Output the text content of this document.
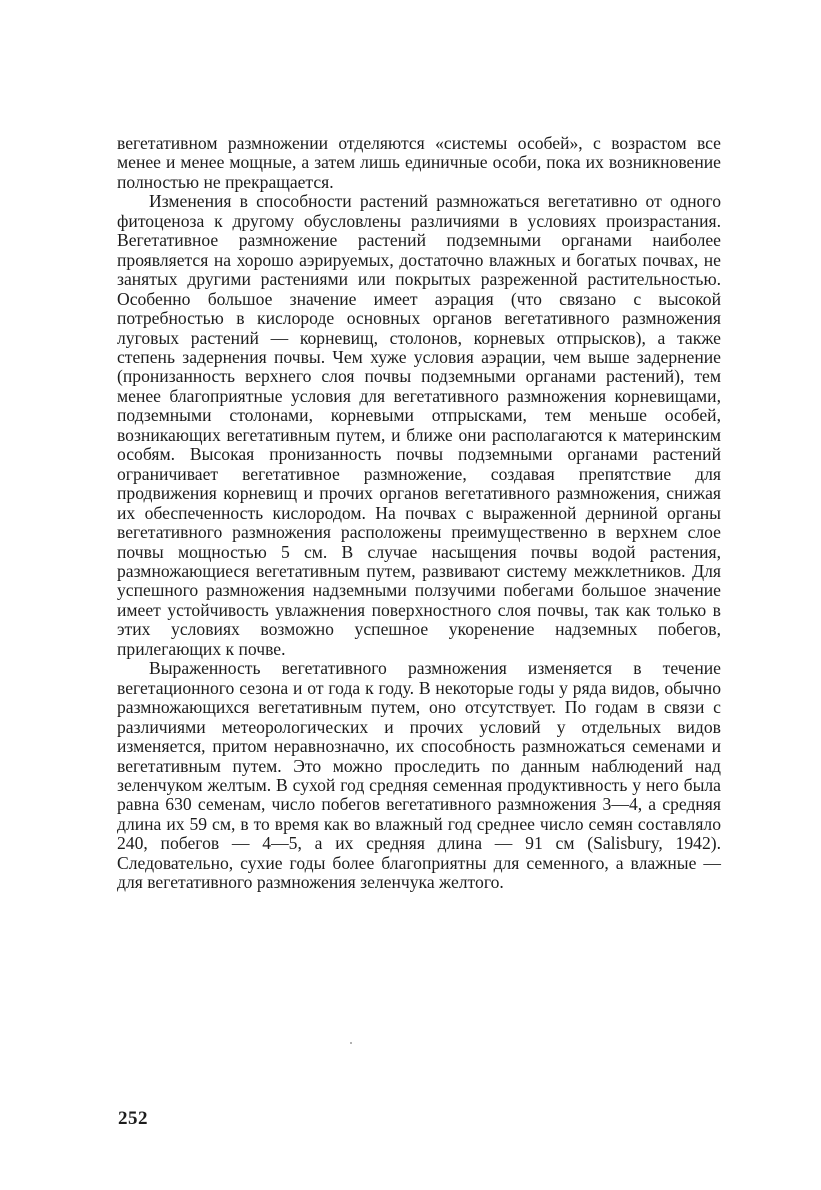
вегетативном размножении отделяются «системы особей», с возрастом все менее и менее мощные, а затем лишь единичные особи, пока их возникновение полностью не прекращается.

Изменения в способности растений размножаться вегетативно от одного фитоценоза к другому обусловлены различиями в условиях произрастания. Вегетативное размножение растений подземными органами наиболее проявляется на хорошо аэрируемых, достаточно влажных и богатых почвах, не занятых другими растениями или покрытых разреженной растительностью. Особенно большое значение имеет аэрация (что связано с высокой потребностью в кислороде основных органов вегетативного размножения луговых растений — корневищ, столонов, корневых отпрысков), а также степень задернения почвы. Чем хуже условия аэрации, чем выше задернение (пронизанность верхнего слоя почвы подземными органами растений), тем менее благоприятные условия для вегетативного размножения корневищами, подземными столонами, корневыми отпрысками, тем меньше особей, возникающих вегетативным путем, и ближе они располагаются к материнским особям. Высокая пронизанность почвы подземными органами растений ограничивает вегетативное размножение, создавая препятствие для продвижения корневищ и прочих органов вегетативного размножения, снижая их обеспеченность кислородом. На почвах с выраженной дерниной органы вегетативного размножения расположены преимущественно в верхнем слое почвы мощностью 5 см. В случае насыщения почвы водой растения, размножающиеся вегетативным путем, развивают систему межклетников. Для успешного размножения надземными ползучими побегами большое значение имеет устойчивость увлажнения поверхностного слоя почвы, так как только в этих условиях возможно успешное укоренение надземных побегов, прилегающих к почве.

Выраженность вегетативного размножения изменяется в течение вегетационного сезона и от года к году. В некоторые годы у ряда видов, обычно размножающихся вегетативным путем, оно отсутствует. По годам в связи с различиями метеорологических и прочих условий у отдельных видов изменяется, притом неравнозначно, их способность размножаться семенами и вегетативным путем. Это можно проследить по данным наблюдений над зеленчуком желтым. В сухой год средняя семенная продуктивность у него была равна 630 семенам, число побегов вегетативного размножения 3—4, а средняя длина их 59 см, в то время как во влажный год среднее число семян составляло 240, побегов — 4—5, а их средняя длина — 91 см (Salisbury, 1942). Следовательно, сухие годы более благоприятны для семенного, а влажные — для вегетативного размножения зеленчука желтого.

252
